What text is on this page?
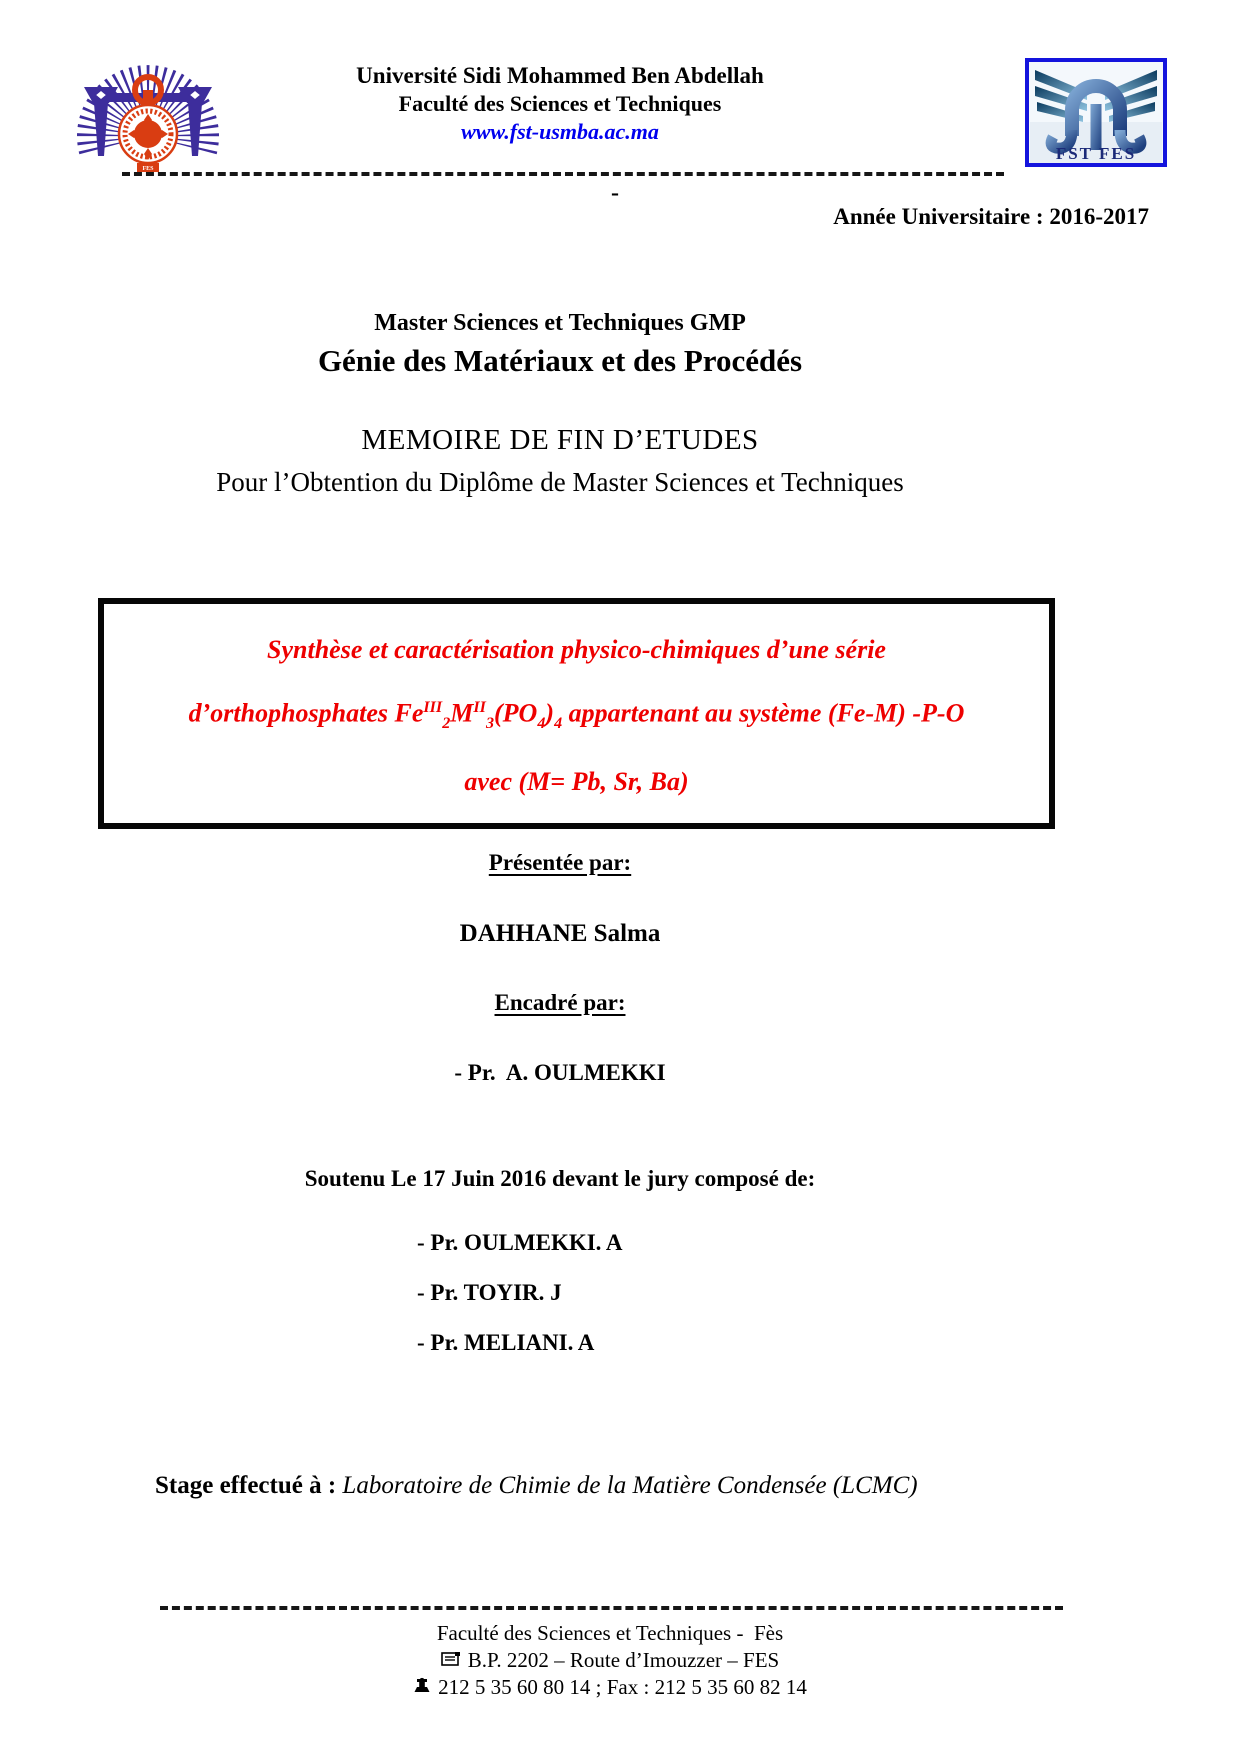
FES
Université Sidi Mohammed Ben Abdellah
Faculté des Sciences et Techniques
www.fst-usmba.ac.ma
FST FES
-
Année Universitaire : 2016-2017
Master Sciences et Techniques GMP
Génie des Matériaux et des Procédés
MEMOIRE DE FIN D’ETUDES
Pour l’Obtention du Diplôme de Master Sciences et Techniques

Synthèse et caractérisation physico-chimiques d’une série

d’orthophosphates $Fe^{III}_2M^{II}_3(PO_4)_4$ appartenant au système (Fe-M) -P-O

avec (M= Pb, Sr, Ba)

Présentée par:
DAHHANE Salma
Encadré par:
- Pr.  A. OULMEKKI
Soutenu Le 17 Juin 2016 devant le jury composé de:
- Pr. OULMEKKI. A
- Pr. TOYIR. J
- Pr. MELIANI. A
Stage effectué à : Laboratoire de Chimie de la Matière Condensée (LCMC)
Faculté des Sciences et Techniques -  Fès
B.P. 2202 – Route d’Imouzzer – FES
212 5 35 60 80 14 ; Fax : 212 5 35 60 82 14
